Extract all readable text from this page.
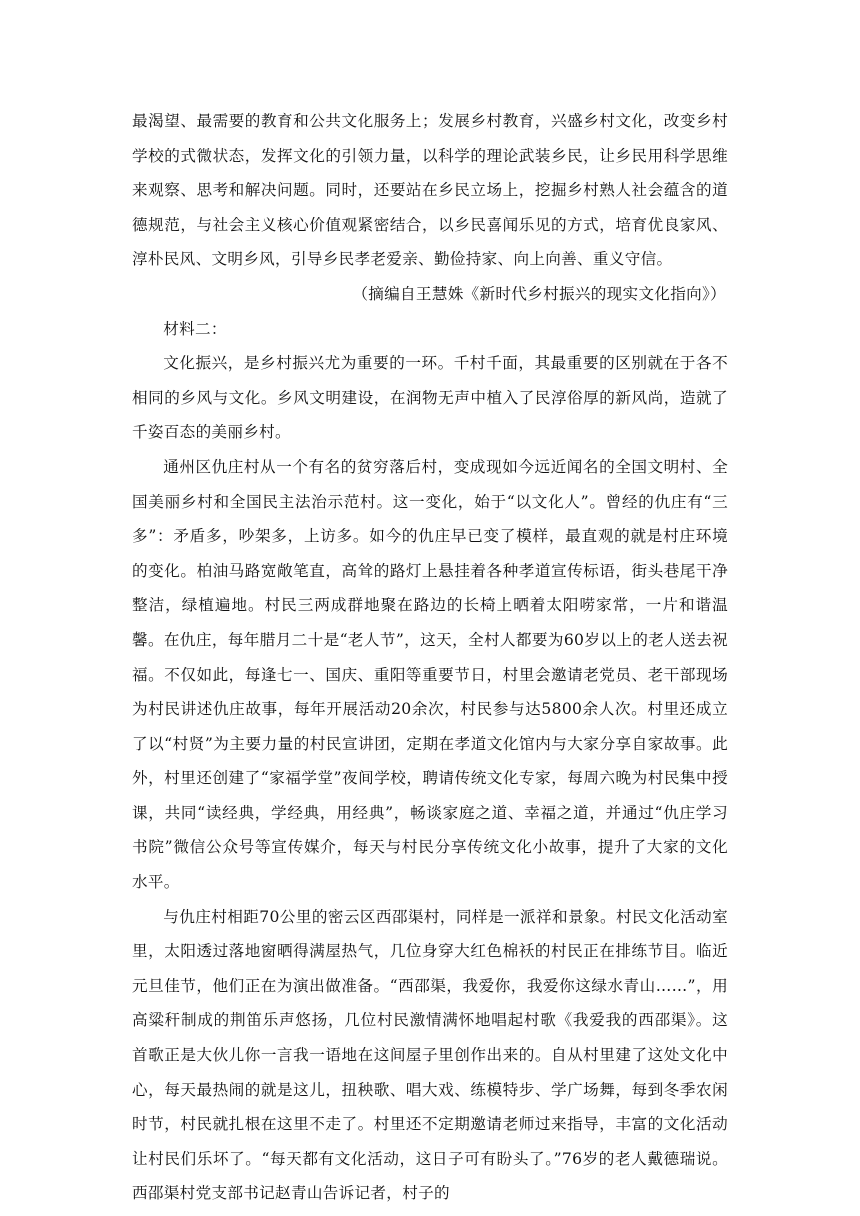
最渴望、最需要的教育和公共文化服务上；发展乡村教育，兴盛乡村文化，改变乡村学校的式微状态，发挥文化的引领力量，以科学的理论武装乡民，让乡民用科学思维来观察、思考和解决问题。同时，还要站在乡民立场上，挖掘乡村熟人社会蕴含的道德规范，与社会主义核心价值观紧密结合，以乡民喜闻乐见的方式，培育优良家风、淳朴民风、文明乡风，引导乡民孝老爱亲、勤俭持家、向上向善、重义守信。

（摘编自王慧姝《新时代乡村振兴的现实文化指向》）

材料二：

文化振兴，是乡村振兴尤为重要的一环。千村千面，其最重要的区别就在于各不相同的乡风与文化。乡风文明建设，在润物无声中植入了民淳俗厚的新风尚，造就了千姿百态的美丽乡村。

通州区仇庄村从一个有名的贫穷落后村，变成现如今远近闻名的全国文明村、全国美丽乡村和全国民主法治示范村。这一变化，始于“以文化人”。曾经的仇庄有“三多”：矛盾多，吵架多，上访多。如今的仇庄早已变了模样，最直观的就是村庄环境的变化。柏油马路宽敞笔直，高耸的路灯上悬挂着各种孝道宣传标语，街头巷尾干净整洁，绿植遍地。村民三两成群地聚在路边的长椅上晒着太阳唠家常，一片和谐温馨。在仇庄，每年腊月二十是“老人节”，这天，全村人都要为60岁以上的老人送去祝福。不仅如此，每逢七一、国庆、重阳等重要节日，村里会邀请老党员、老干部现场为村民讲述仇庄故事，每年开展活动20余次，村民参与达5800余人次。村里还成立了以“村贤”为主要力量的村民宣讲团，定期在孝道文化馆内与大家分享自家故事。此外，村里还创建了“家福学堂”夜间学校，聘请传统文化专家，每周六晚为村民集中授课，共同“读经典，学经典，用经典”，畅谈家庭之道、幸福之道，并通过“仇庄学习书院”微信公众号等宣传媒介，每天与村民分享传统文化小故事，提升了大家的文化水平。

与仇庄村相距70公里的密云区西邵渠村，同样是一派祥和景象。村民文化活动室里，太阳透过落地窗晒得满屋热气，几位身穿大红色棉袄的村民正在排练节目。临近元旦佳节，他们正在为演出做准备。“西邵渠，我爱你，我爱你这绿水青山……”，用高粱秆制成的荆笛乐声悠扬，几位村民激情满怀地唱起村歌《我爱我的西邵渠》。这首歌正是大伙儿你一言我一语地在这间屋子里创作出来的。自从村里建了这处文化中心，每天最热闹的就是这儿，扭秧歌、唱大戏、练模特步、学广场舞，每到冬季农闲时节，村民就扎根在这里不走了。村里还不定期邀请老师过来指导，丰富的文化活动让村民们乐坏了。“每天都有文化活动，这日子可有盼头了。”76岁的老人戴德瑞说。西邵渠村党支部书记赵青山告诉记者，村子的
